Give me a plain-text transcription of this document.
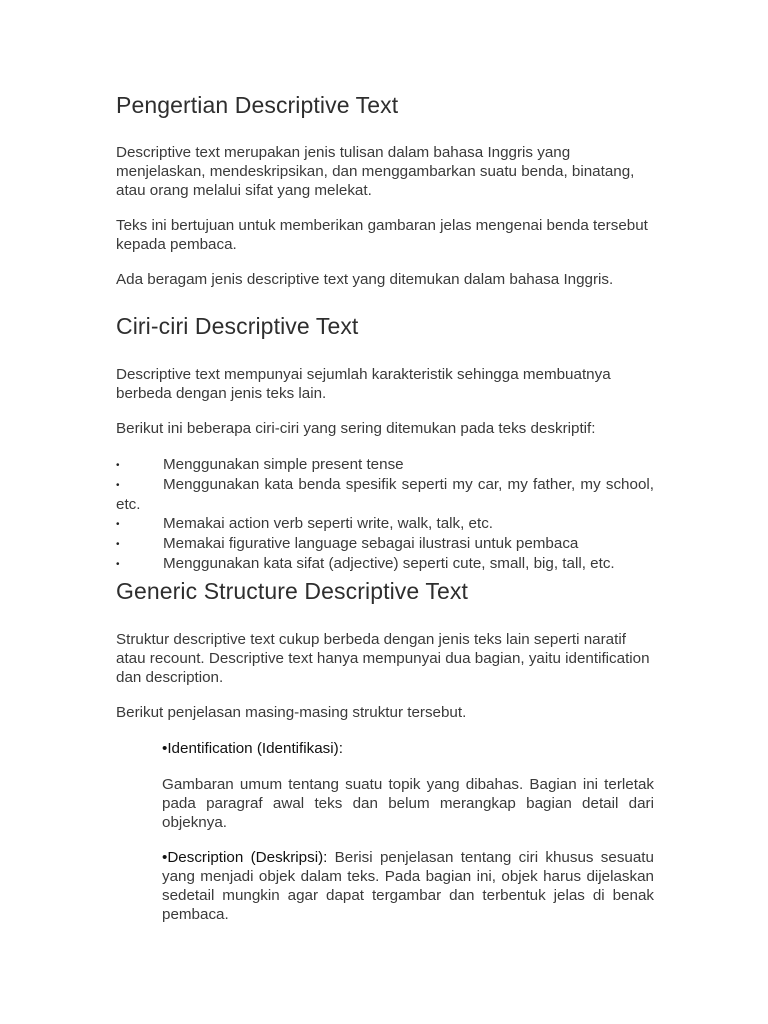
Pengertian Descriptive Text

Descriptive text merupakan jenis tulisan dalam bahasa Inggris yang menjelaskan, mendeskripsikan, dan menggambarkan suatu benda, binatang, atau orang melalui sifat yang melekat.

Teks ini bertujuan untuk memberikan gambaran jelas mengenai benda tersebut kepada pembaca.

Ada beragam jenis descriptive text yang ditemukan dalam bahasa Inggris.

Ciri-ciri Descriptive Text

Descriptive text mempunyai sejumlah karakteristik sehingga membuatnya berbeda dengan jenis teks lain.

Berikut ini beberapa ciri-ciri yang sering ditemukan pada teks deskriptif:

•	Menggunakan simple present tense
•	Menggunakan kata benda spesifik seperti my car, my father, my school, etc.
•	Memakai action verb seperti write, walk, talk, etc.
•	Memakai figurative language sebagai ilustrasi untuk pembaca
•	Menggunakan kata sifat (adjective) seperti cute, small, big, tall, etc.
Generic Structure Descriptive Text

Struktur descriptive text cukup berbeda dengan jenis teks lain seperti naratif atau recount. Descriptive text hanya mempunyai dua bagian, yaitu identification dan description.

Berikut penjelasan masing-masing struktur tersebut.

•Identification (Identifikasi):

Gambaran umum tentang suatu topik yang dibahas. Bagian ini terletak pada paragraf awal teks dan belum merangkap bagian detail dari objeknya.

•Description (Deskripsi): Berisi penjelasan tentang ciri khusus sesuatu yang menjadi objek dalam teks. Pada bagian ini, objek harus dijelaskan sedetail mungkin agar dapat tergambar dan terbentuk jelas di benak pembaca.
